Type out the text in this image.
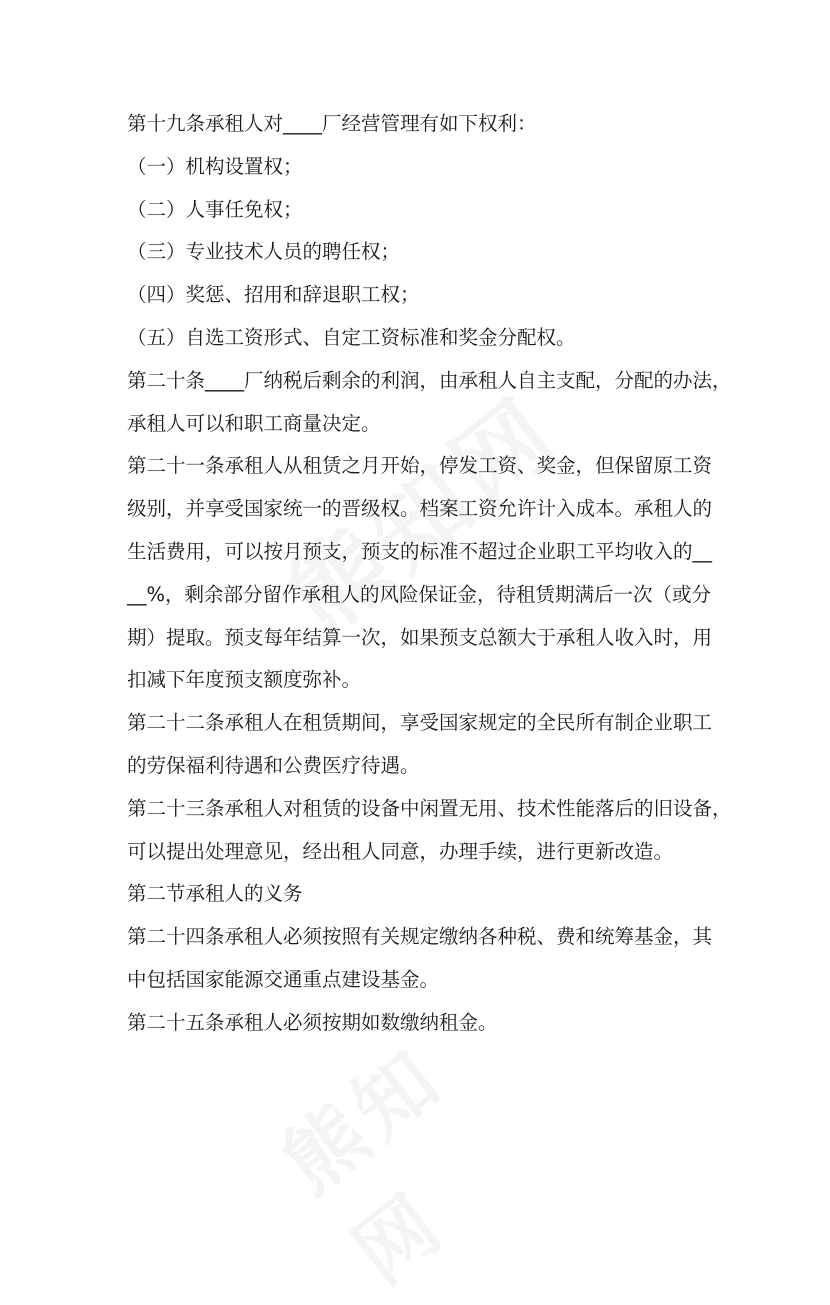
第十九条承租人对____厂经营管理有如下权利：
（一）机构设置权；
（二）人事任免权；
（三）专业技术人员的聘任权；
（四）奖惩、招用和辞退职工权；
（五）自选工资形式、自定工资标准和奖金分配权。
第二十条____厂纳税后剩余的利润，由承租人自主支配，分配的办法，
承租人可以和职工商量决定。
第二十一条承租人从租赁之月开始，停发工资、奖金，但保留原工资
级别，并享受国家统一的晋级权。档案工资允许计入成本。承租人的
生活费用，可以按月预支，预支的标准不超过企业职工平均收入的__
__%，剩余部分留作承租人的风险保证金，待租赁期满后一次（或分
期）提取。预支每年结算一次，如果预支总额大于承租人收入时，用
扣减下年度预支额度弥补。
第二十二条承租人在租赁期间，享受国家规定的全民所有制企业职工
的劳保福利待遇和公费医疗待遇。
第二十三条承租人对租赁的设备中闲置无用、技术性能落后的旧设备，
可以提出处理意见，经出租人同意，办理手续，进行更新改造。
第二节承租人的义务
第二十四条承租人必须按照有关规定缴纳各种税、费和统筹基金，其
中包括国家能源交通重点建设基金。
第二十五条承租人必须按期如数缴纳租金。
